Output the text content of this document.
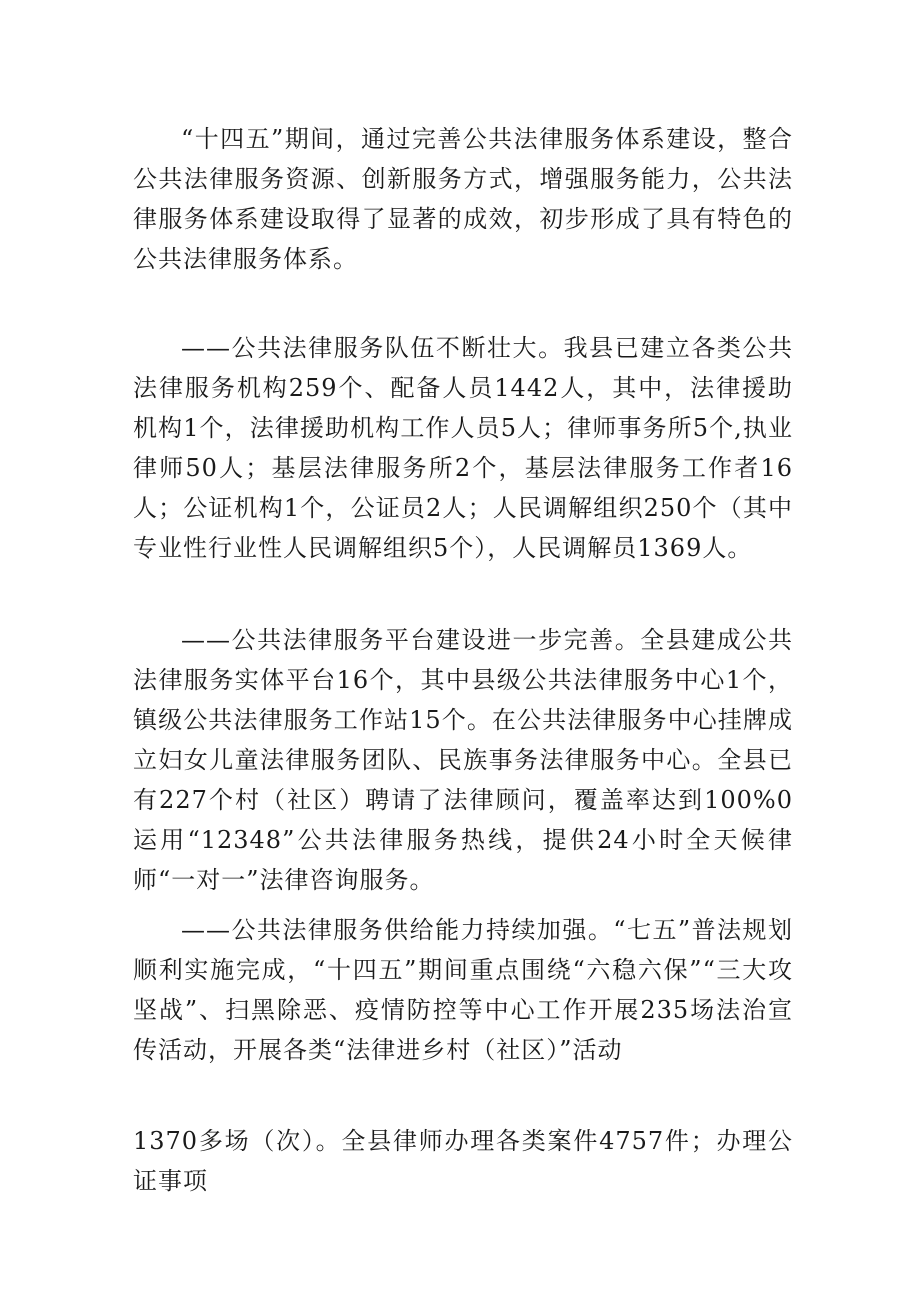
“十四五”期间，通过完善公共法律服务体系建设，整合公共法律服务资源、创新服务方式，增强服务能力，公共法律服务体系建设取得了显著的成效，初步形成了具有特色的公共法律服务体系。

——公共法律服务队伍不断壮大。我县已建立各类公共法律服务机构259个、配备人员1442人，其中，法律援助机构1个，法律援助机构工作人员5人；律师事务所5个,执业律师50人；基层法律服务所2个，基层法律服务工作者16人；公证机构1个，公证员2人；人民调解组织250个（其中专业性行业性人民调解组织5个），人民调解员1369人。

——公共法律服务平台建设进一步完善。全县建成公共法律服务实体平台16个，其中县级公共法律服务中心1个，镇级公共法律服务工作站15个。在公共法律服务中心挂牌成立妇女儿童法律服务团队、民族事务法律服务中心。全县已有227个村（社区）聘请了法律顾问，覆盖率达到100%0运用“12348”公共法律服务热线，提供24小时全天候律师“一对一”法律咨询服务。

——公共法律服务供给能力持续加强。“七五”普法规划顺利实施完成，“十四五”期间重点围绕“六稳六保”“三大攻坚战”、扫黑除恶、疫情防控等中心工作开展235场法治宣传活动，开展各类“法律进乡村（社区）”活动

1370多场（次）。全县律师办理各类案件4757件；办理公证事项
